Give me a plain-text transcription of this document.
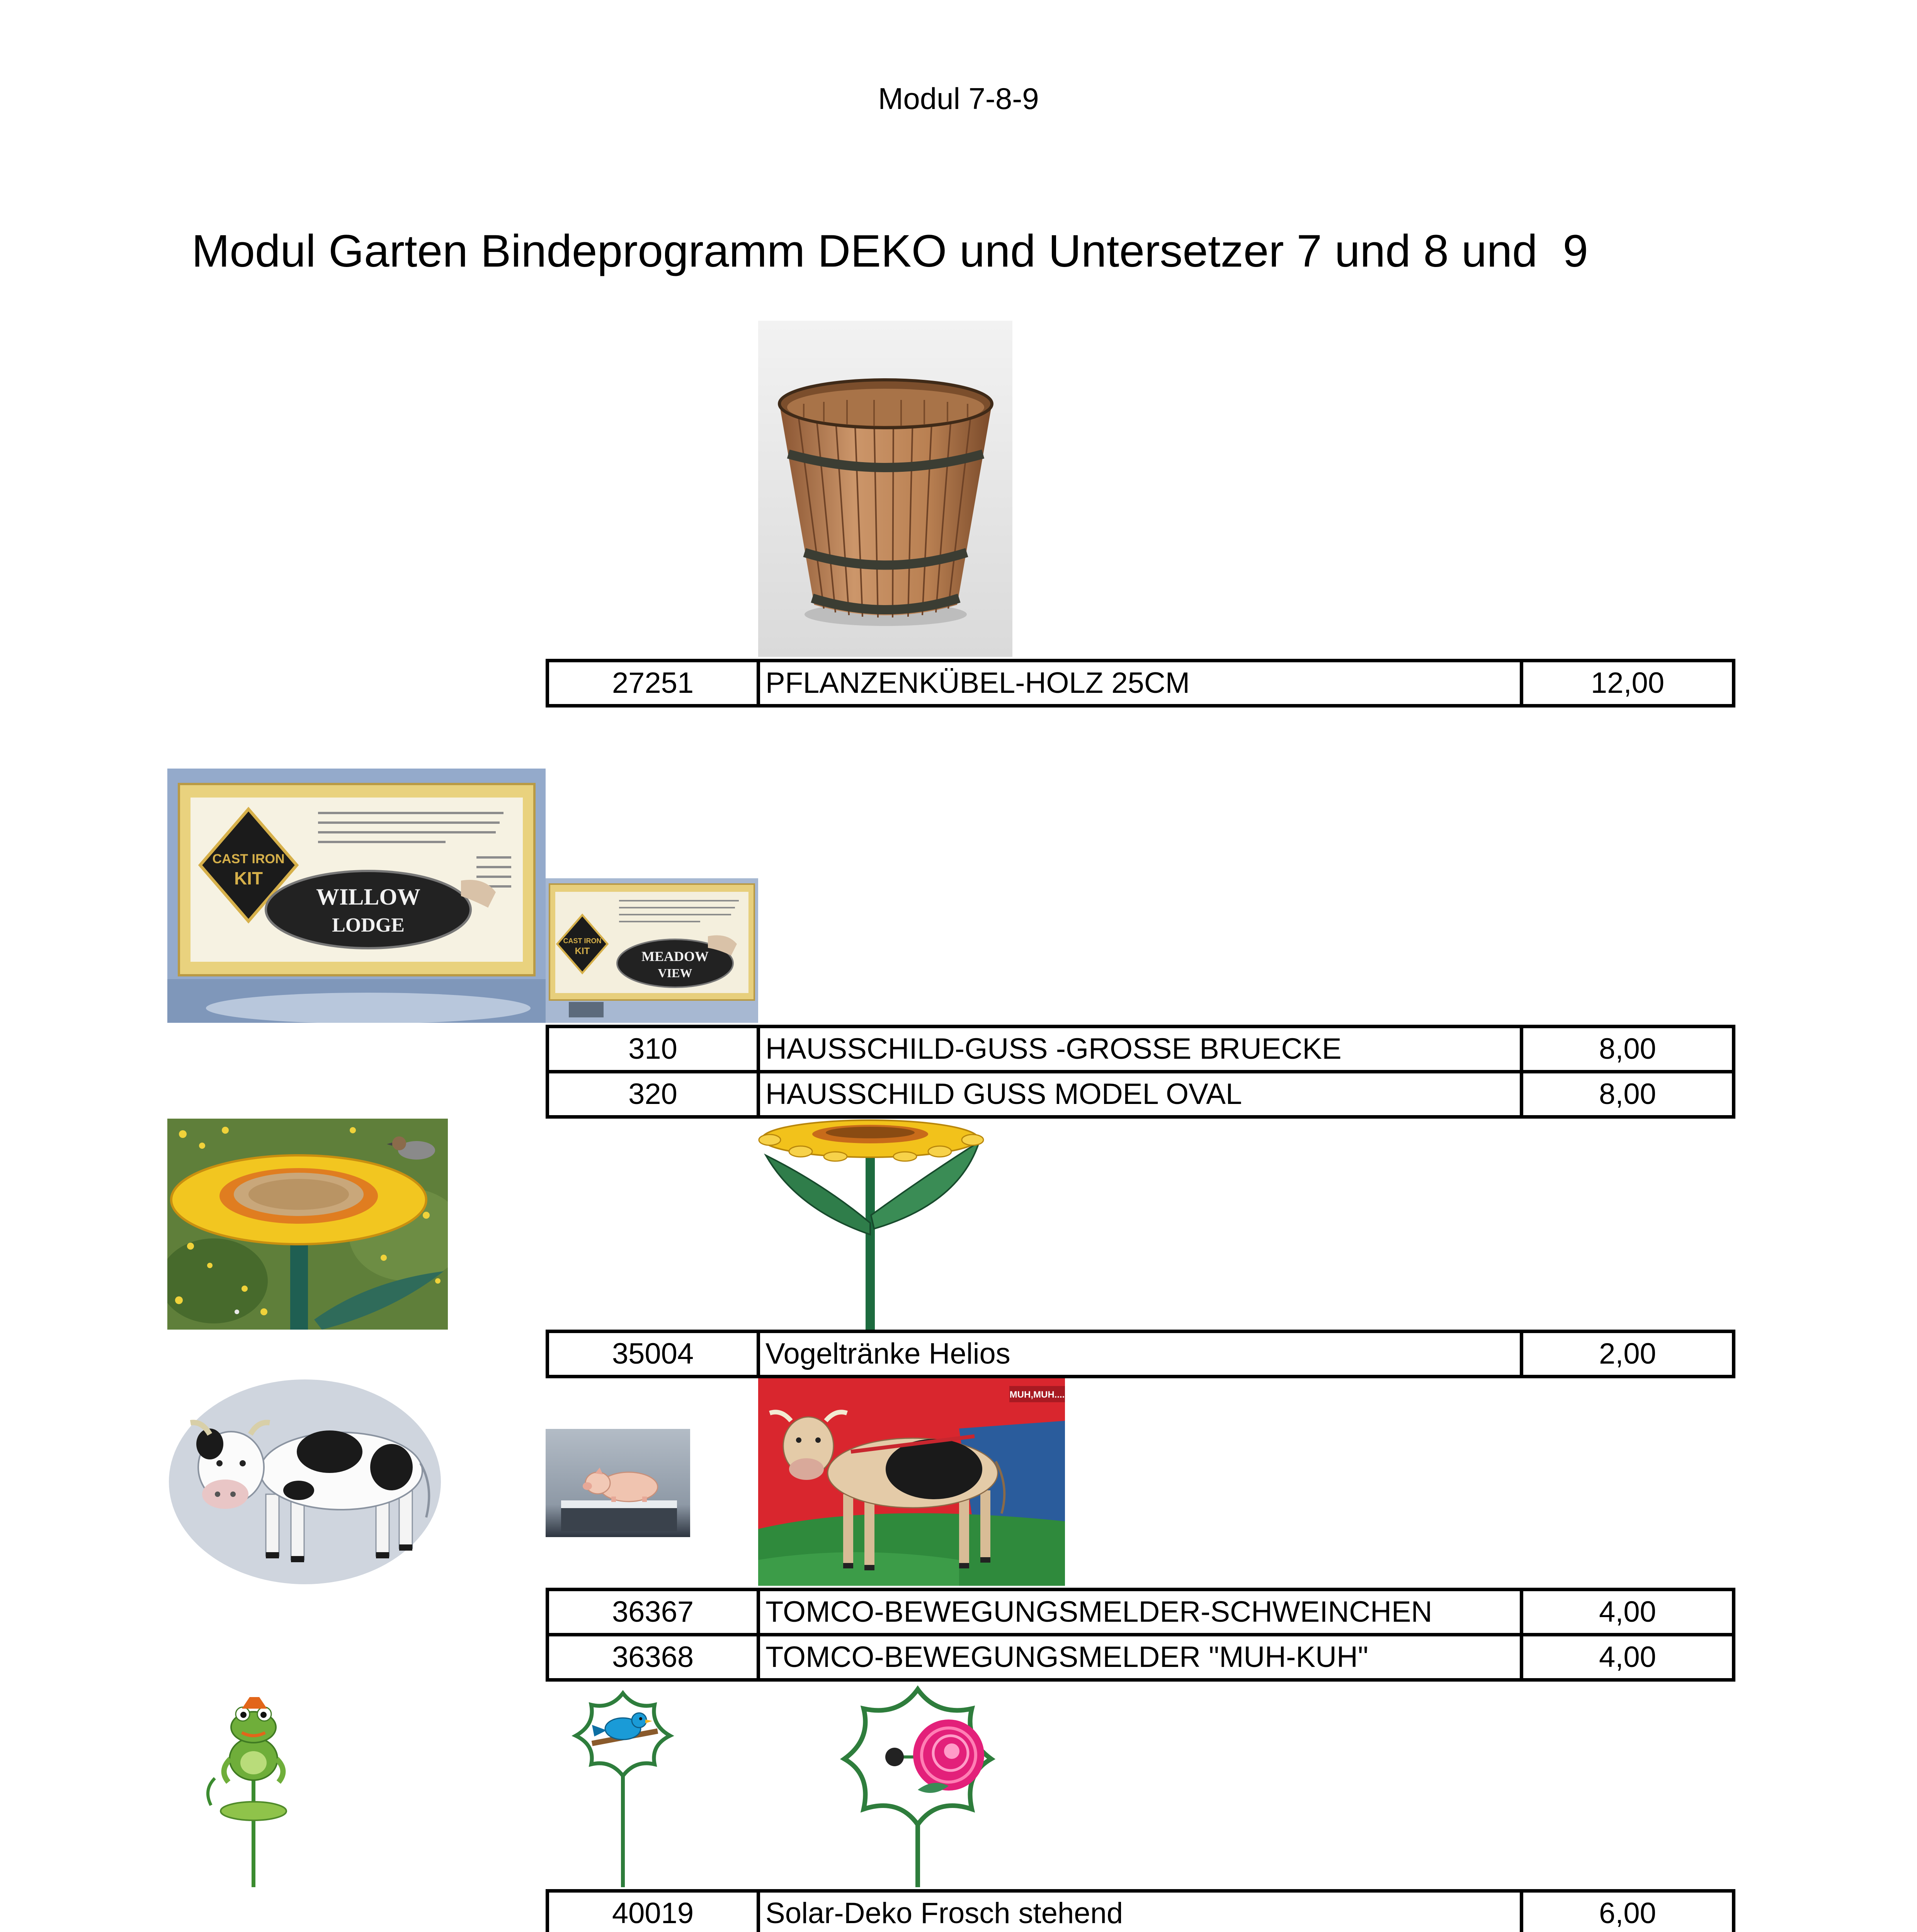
Modul 7-8-9
Modul Garten Bindeprogramm DEKO und Untersetzer 7 und 8 und  9
27251	PFLANZENKÜBEL-HOLZ 25CM	12,00
CAST IRON
KIT
WILLOW
LODGE
CAST IRON
KIT	MEADOW
VIEW
310	HAUSSCHILD-GUSS -GROSSE BRUECKE	8,00
320	HAUSSCHILD GUSS MODEL OVAL	8,00
35004	Vogeltränke Helios	2,00
MUH,MUH....
36367	TOMCO-BEWEGUNGSMELDER-SCHWEINCHEN	4,00
36368	TOMCO-BEWEGUNGSMELDER "MUH-KUH"	4,00
40019	Solar-Deko Frosch stehend	6,00
